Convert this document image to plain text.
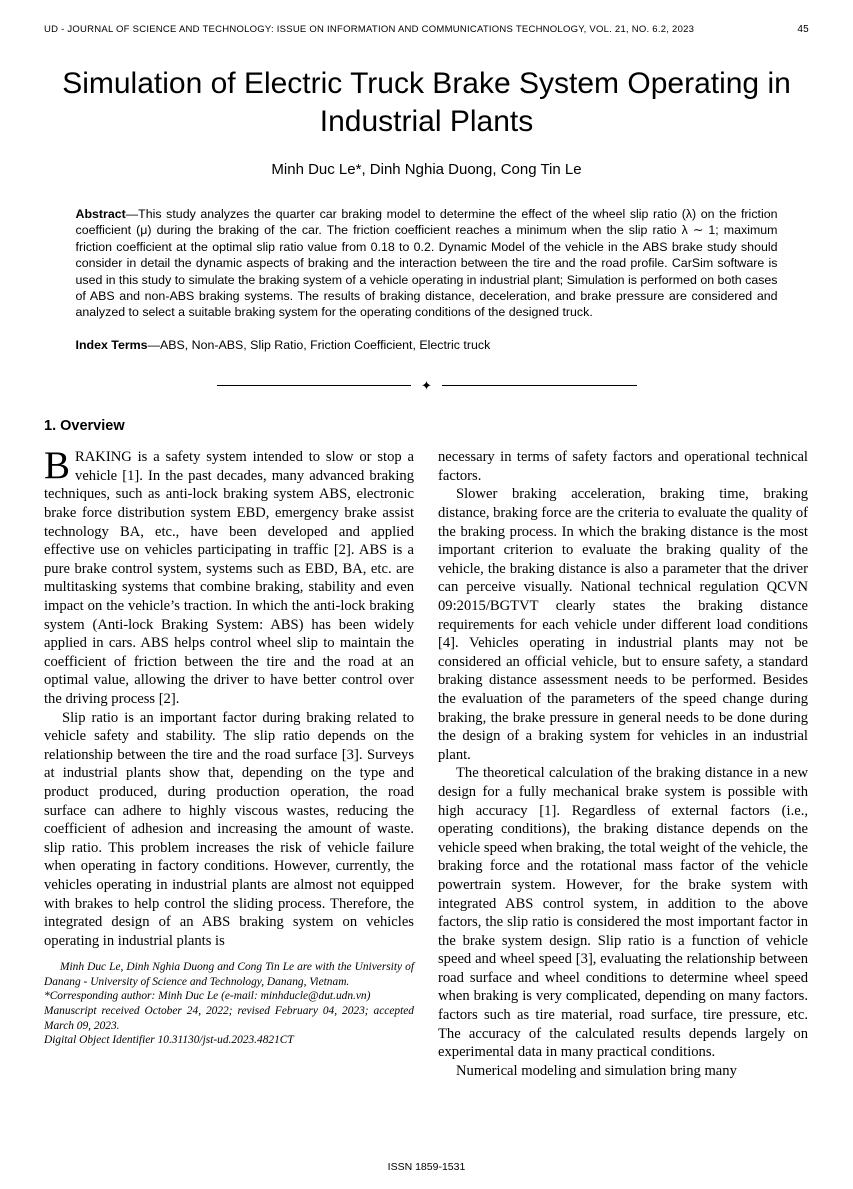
UD - JOURNAL OF SCIENCE AND TECHNOLOGY: ISSUE ON INFORMATION AND COMMUNICATIONS TECHNOLOGY, VOL. 21, NO. 6.2, 2023	45
Simulation of Electric Truck Brake System Operating in Industrial Plants
Minh Duc Le*, Dinh Nghia Duong, Cong Tin Le

Abstract—This study analyzes the quarter car braking model to determine the effect of the wheel slip ratio (λ) on the friction coefficient (μ) during the braking of the car. The friction coefficient reaches a minimum when the slip ratio λ ∼ 1; maximum friction coefficient at the optimal slip ratio value from 0.18 to 0.2. Dynamic Model of the vehicle in the ABS brake study should consider in detail the dynamic aspects of braking and the interaction between the tire and the road profile. CarSim software is used in this study to simulate the braking system of a vehicle operating in industrial plant; Simulation is performed on both cases of ABS and non-ABS braking systems. The results of braking distance, deceleration, and brake pressure are considered and analyzed to select a suitable braking system for the operating conditions of the designed truck.

Index Terms—ABS, Non-ABS, Slip Ratio, Friction Coefficient, Electric truck

✦
1. Overview

BRAKING is a safety system intended to slow or stop a vehicle [1]. In the past decades, many advanced braking techniques, such as anti-lock braking system ABS, electronic brake force distribution system EBD, emergency brake assist technology BA, etc., have been developed and applied effective use on vehicles participating in traffic [2]. ABS is a pure brake control system, systems such as EBD, BA, etc. are multitasking systems that combine braking, stability and even impact on the vehicle’s traction. In which the anti-lock braking system (Anti-lock Braking System: ABS) has been widely applied in cars. ABS helps control wheel slip to maintain the coefficient of friction between the tire and the road at an optimal value, allowing the driver to have better control over the driving process [2].

Slip ratio is an important factor during braking related to vehicle safety and stability. The slip ratio depends on the relationship between the tire and the road surface [3]. Surveys at industrial plants show that, depending on the type and product produced, during production operation, the road surface can adhere to highly viscous wastes, reducing the coefficient of adhesion and increasing the amount of waste. slip ratio. This problem increases the risk of vehicle failure when operating in factory conditions. However, currently, the vehicles operating in industrial plants are almost not equipped with brakes to help control the sliding process. Therefore, the integrated design of an ABS braking system on vehicles operating in industrial plants is

Minh Duc Le, Dinh Nghia Duong and Cong Tin Le are with the University of Danang - University of Science and Technology, Danang, Vietnam.

*Corresponding author: Minh Duc Le (e-mail: minhducle@dut.udn.vn)

Manuscript received October 24, 2022; revised February 04, 2023; accepted March 09, 2023.

Digital Object Identifier 10.31130/jst-ud.2023.4821CT

necessary in terms of safety factors and operational technical factors.

Slower braking acceleration, braking time, braking distance, braking force are the criteria to evaluate the quality of the braking process. In which the braking distance is the most important criterion to evaluate the braking quality of the vehicle, the braking distance is also a parameter that the driver can perceive visually. National technical regulation QCVN 09:2015/BGTVT clearly states the braking distance requirements for each vehicle under different load conditions [4]. Vehicles operating in industrial plants may not be considered an official vehicle, but to ensure safety, a standard braking distance assessment needs to be performed. Besides the evaluation of the parameters of the speed change during braking, the brake pressure in general needs to be done during the design of a braking system for vehicles in an industrial plant.

The theoretical calculation of the braking distance in a new design for a fully mechanical brake system is possible with high accuracy [1]. Regardless of external factors (i.e., operating conditions), the braking distance depends on the vehicle speed when braking, the total weight of the vehicle, the braking force and the rotational mass factor of the vehicle powertrain system. However, for the brake system with integrated ABS control system, in addition to the above factors, the slip ratio is considered the most important factor in the brake system design. Slip ratio is a function of vehicle speed and wheel speed [3], evaluating the relationship between road surface and wheel conditions to determine wheel speed when braking is very complicated, depending on many factors. factors such as tire material, road surface, tire pressure, etc. The accuracy of the calculated results depends largely on experimental data in many practical conditions.

Numerical modeling and simulation bring many

ISSN 1859-1531
